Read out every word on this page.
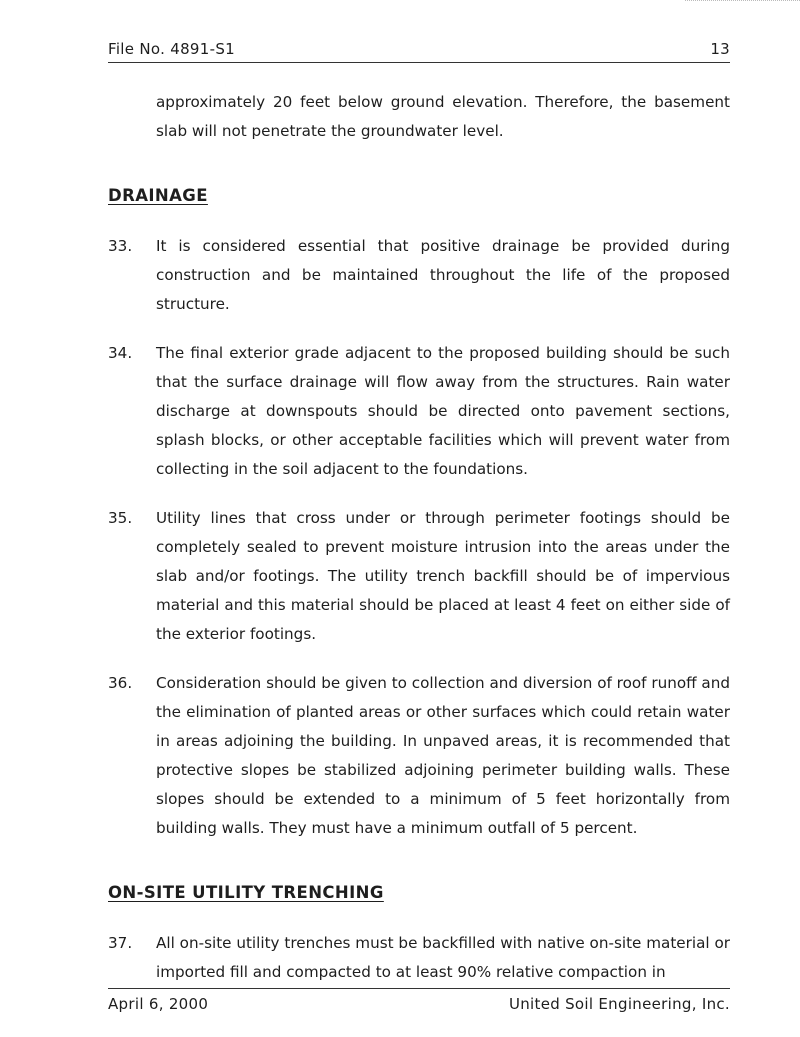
File No. 4891-S1	13

approximately 20 feet below ground elevation. Therefore, the basement slab will not penetrate the groundwater level.

DRAINAGE
33.	It is considered essential that positive drainage be provided during construction and be maintained throughout the life of the proposed structure.
34.	The final exterior grade adjacent to the proposed building should be such that the surface drainage will flow away from the structures. Rain water discharge at downspouts should be directed onto pavement sections, splash blocks, or other acceptable facilities which will prevent water from collecting in the soil adjacent to the foundations.
35.	Utility lines that cross under or through perimeter footings should be completely sealed to prevent moisture intrusion into the areas under the slab and/or footings. The utility trench backfill should be of impervious material and this material should be placed at least 4 feet on either side of the exterior footings.
36.	Consideration should be given to collection and diversion of roof runoff and the elimination of planted areas or other surfaces which could retain water in areas adjoining the building. In unpaved areas, it is recommended that protective slopes be stabilized adjoining perimeter building walls. These slopes should be extended to a minimum of 5 feet horizontally from building walls. They must have a minimum outfall of 5 percent.
ON-SITE UTILITY TRENCHING
37.	All on-site utility trenches must be backfilled with native on-site material or imported fill and compacted to at least 90% relative compaction in
April 6, 2000	United Soil Engineering, Inc.
